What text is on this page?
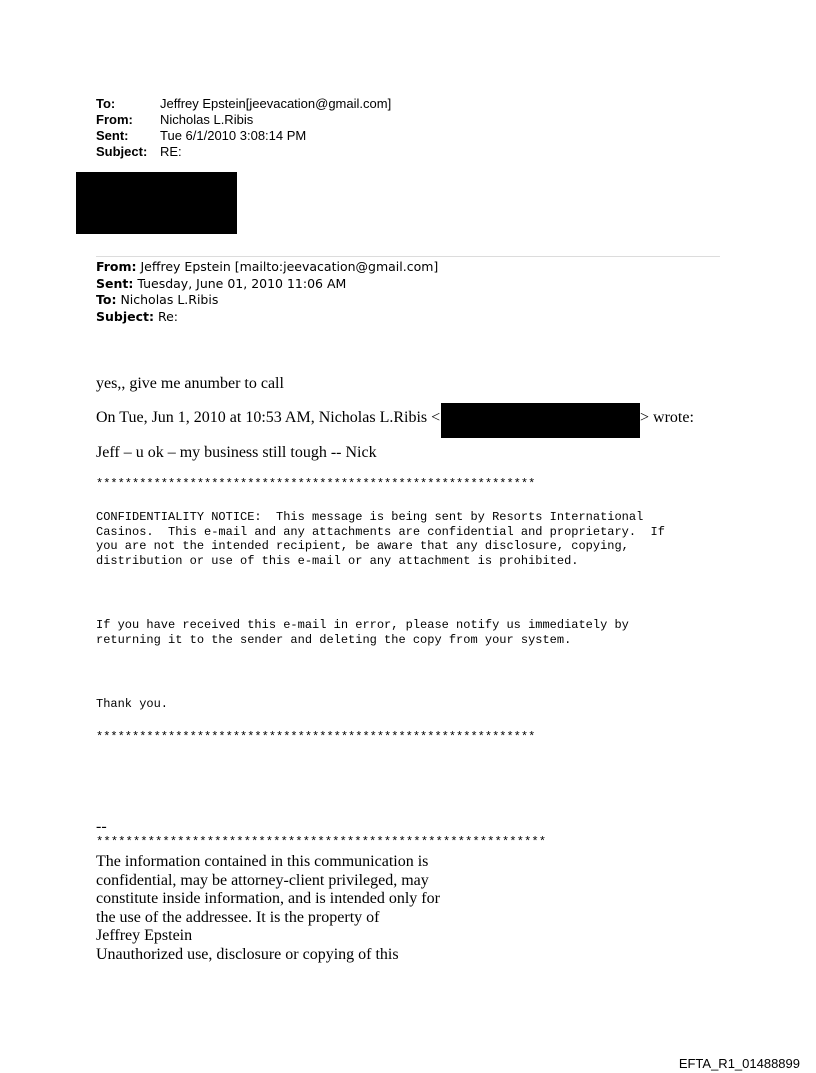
To:	Jeffrey Epstein[jeevacation@gmail.com]
From:	Nicholas L.Ribis
Sent:	Tue 6/1/2010 3:08:14 PM
Subject: RE:
From: Jeffrey Epstein [mailto:jeevacation@gmail.com]
Sent: Tuesday, June 01, 2010 11:06 AM
To: Nicholas L.Ribis
Subject: Re:
yes,, give me anumber to call
On Tue, Jun 1, 2010 at 10:53 AM, Nicholas L.Ribis <	> wrote:
Jeff – u ok – my business still tough -- Nick
*************************************************************
CONFIDENTIALITY NOTICE:  This message is being sent by Resorts International
Casinos.  This e-mail and any attachments are confidential and proprietary.  If
you are not the intended recipient, be aware that any disclosure, copying,
distribution or use of this e-mail or any attachment is prohibited.
If you have received this e-mail in error, please notify us immediately by
returning it to the sender and deleting the copy from your system.
Thank you.
*************************************************************
--
*************************************************************
The information contained in this communication is
confidential, may be attorney-client privileged, may
constitute inside information, and is intended only for
the use of the addressee. It is the property of
Jeffrey Epstein
Unauthorized use, disclosure or copying of this
EFTA_R1_01488899
